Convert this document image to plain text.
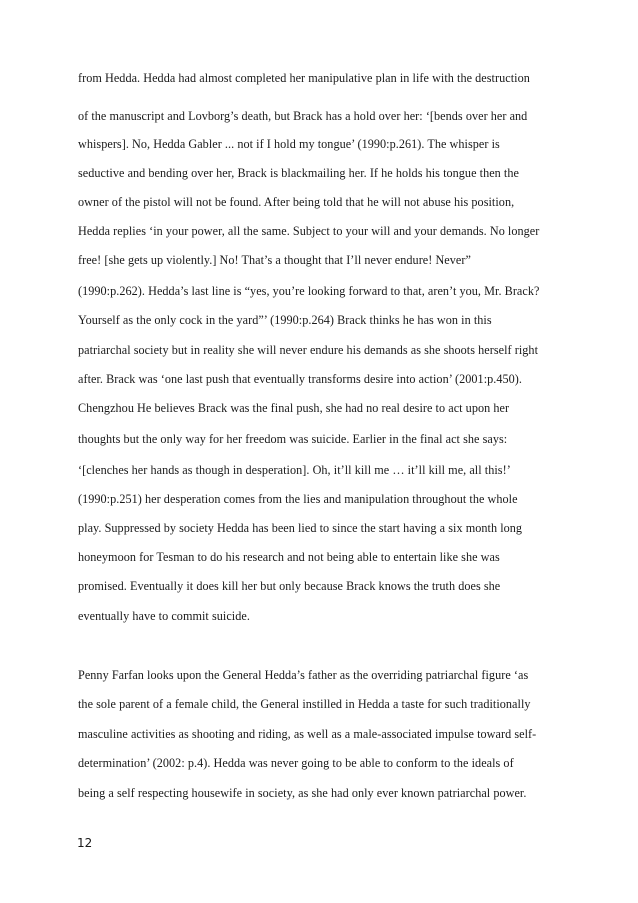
from Hedda. Hedda had almost completed her manipulative plan in life with the destruction

of the manuscript and Lovborg’s death, but Brack has a hold over her: ‘[bends over her and

whispers]. No, Hedda Gabler ... not if I hold my tongue’ (1990:p.261). The whisper is

seductive and bending over her, Brack is blackmailing her. If he holds his tongue then the

owner of the pistol will not be found. After being told that he will not abuse his position,

Hedda replies ‘in your power, all the same. Subject to your will and your demands. No longer

free! [she gets up violently.] No! That’s a thought that I’ll never endure! Never”

(1990:p.262). Hedda’s last line is “yes, you’re looking forward to that, aren’t you, Mr. Brack?

Yourself as the only cock in the yard”’ (1990:p.264) Brack thinks he has won in this

patriarchal society but in reality she will never endure his demands as she shoots herself right

after. Brack was ‘one last push that eventually transforms desire into action’ (2001:p.450).

Chengzhou He believes Brack was the final push, she had no real desire to act upon her

thoughts but the only way for her freedom was suicide. Earlier in the final act she says:

‘[clenches her hands as though in desperation]. Oh, it’ll kill me … it’ll kill me, all this!’

(1990:p.251) her desperation comes from the lies and manipulation throughout the whole

play. Suppressed by society Hedda has been lied to since the start having a six month long

honeymoon for Tesman to do his research and not being able to entertain like she was

promised. Eventually it does kill her but only because Brack knows the truth does she

eventually have to commit suicide.

Penny Farfan looks upon the General Hedda’s father as the overriding patriarchal figure ‘as

the sole parent of a female child, the General instilled in Hedda a taste for such traditionally

masculine activities as shooting and riding, as well as a male-associated impulse toward self-

determination’ (2002: p.4). Hedda was never going to be able to conform to the ideals of

being a self respecting housewife in society, as she had only ever known patriarchal power.

12
